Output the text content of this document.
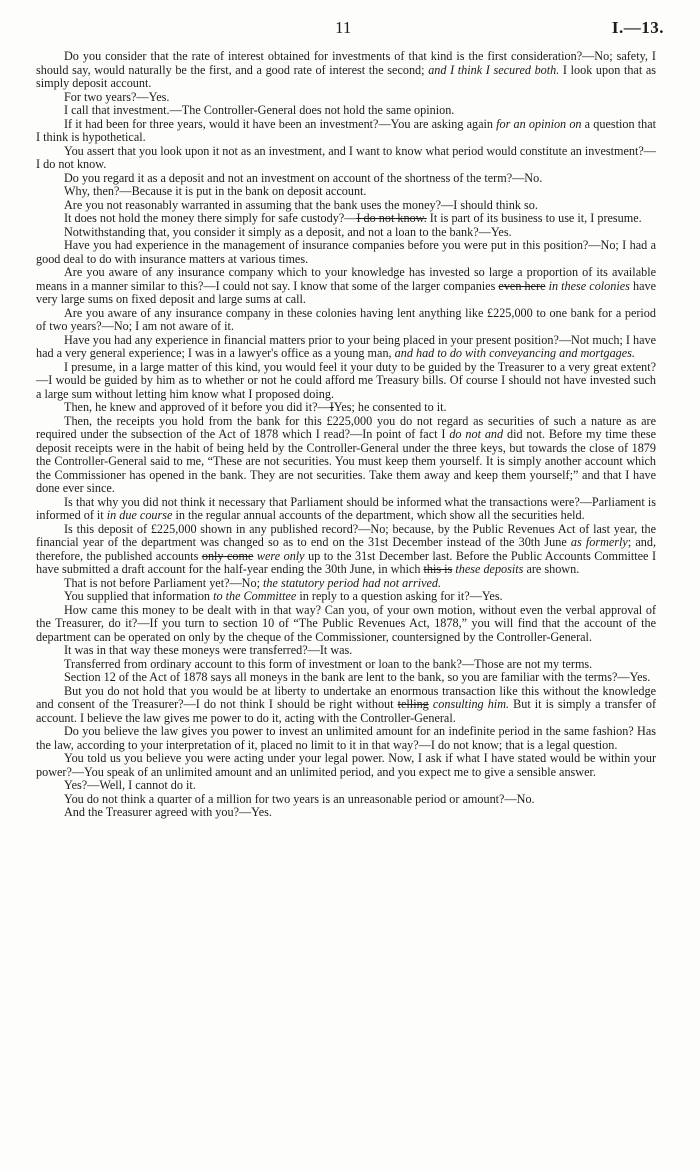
11	I.—13.

Do you consider that the rate of interest obtained for investments of that kind is the first consideration?—No; safety, I should say, would naturally be the first, and a good rate of interest the second; and I think I secured both. I look upon that as simply deposit account.

For two years?—Yes.

I call that investment.—The Controller-General does not hold the same opinion.

If it had been for three years, would it have been an investment?—You are asking again for an opinion on a question that I think is hypothetical.

You assert that you look upon it not as an investment, and I want to know what period would constitute an investment?—I do not know.

Do you regard it as a deposit and not an investment on account of the shortness of the term?—No.

Why, then?—Because it is put in the bank on deposit account.

Are you not reasonably warranted in assuming that the bank uses the money?—I should think so.

It does not hold the money there simply for safe custody?—I do not know. It is part of its business to use it, I presume.

Notwithstanding that, you consider it simply as a deposit, and not a loan to the bank?—Yes.

Have you had experience in the management of insurance companies before you were put in this position?—No; I had a good deal to do with insurance matters at various times.

Are you aware of any insurance company which to your knowledge has invested so large a proportion of its available means in a manner similar to this?—I could not say. I know that some of the larger companies even here in these colonies have very large sums on fixed deposit and large sums at call.

Are you aware of any insurance company in these colonies having lent anything like £225,000 to one bank for a period of two years?—No; I am not aware of it.

Have you had any experience in financial matters prior to your being placed in your present position?—Not much; I have had a very general experience; I was in a lawyer's office as a young man, and had to do with conveyancing and mortgages.

I presume, in a large matter of this kind, you would feel it your duty to be guided by the Treasurer to a very great extent?—I would be guided by him as to whether or not he could afford me Treasury bills. Of course I should not have invested such a large sum without letting him know what I proposed doing.

Then, he knew and approved of it before you did it?—IYes; he consented to it.

Then, the receipts you hold from the bank for this £225,000 you do not regard as securities of such a nature as are required under the subsection of the Act of 1878 which I read?—In point of fact I do not and did not. Before my time these deposit receipts were in the habit of being held by the Controller-General under the three keys, but towards the close of 1879 the Controller-General said to me, “These are not securities. You must keep them yourself. It is simply another account which the Commissioner has opened in the bank. They are not securities. Take them away and keep them yourself;” and that I have done ever since.

Is that why you did not think it necessary that Parliament should be informed what the transactions were?—Parliament is informed of it in due course in the regular annual accounts of the department, which show all the securities held.

Is this deposit of £225,000 shown in any published record?—No; because, by the Public Revenues Act of last year, the financial year of the department was changed so as to end on the 31st December instead of the 30th June as formerly; and, therefore, the published accounts only come were only up to the 31st December last. Before the Public Accounts Committee I have submitted a draft account for the half-year ending the 30th June, in which this is these deposits are shown.

That is not before Parliament yet?—No; the statutory period had not arrived.

You supplied that information to the Committee in reply to a question asking for it?—Yes.

How came this money to be dealt with in that way? Can you, of your own motion, without even the verbal approval of the Treasurer, do it?—If you turn to section 10 of “The Public Revenues Act, 1878,” you will find that the account of the department can be operated on only by the cheque of the Commissioner, countersigned by the Controller-General.

It was in that way these moneys were transferred?—It was.

Transferred from ordinary account to this form of investment or loan to the bank?—Those are not my terms.

Section 12 of the Act of 1878 says all moneys in the bank are lent to the bank, so you are familiar with the terms?—Yes.

But you do not hold that you would be at liberty to undertake an enormous transaction like this without the knowledge and consent of the Treasurer?—I do not think I should be right without telling consulting him. But it is simply a transfer of account. I believe the law gives me power to do it, acting with the Controller-General.

Do you believe the law gives you power to invest an unlimited amount for an indefinite period in the same fashion? Has the law, according to your interpretation of it, placed no limit to it in that way?—I do not know; that is a legal question.

You told us you believe you were acting under your legal power. Now, I ask if what I have stated would be within your power?—You speak of an unlimited amount and an unlimited period, and you expect me to give a sensible answer.

Yes?—Well, I cannot do it.

You do not think a quarter of a million for two years is an unreasonable period or amount?—No.

And the Treasurer agreed with you?—Yes.
